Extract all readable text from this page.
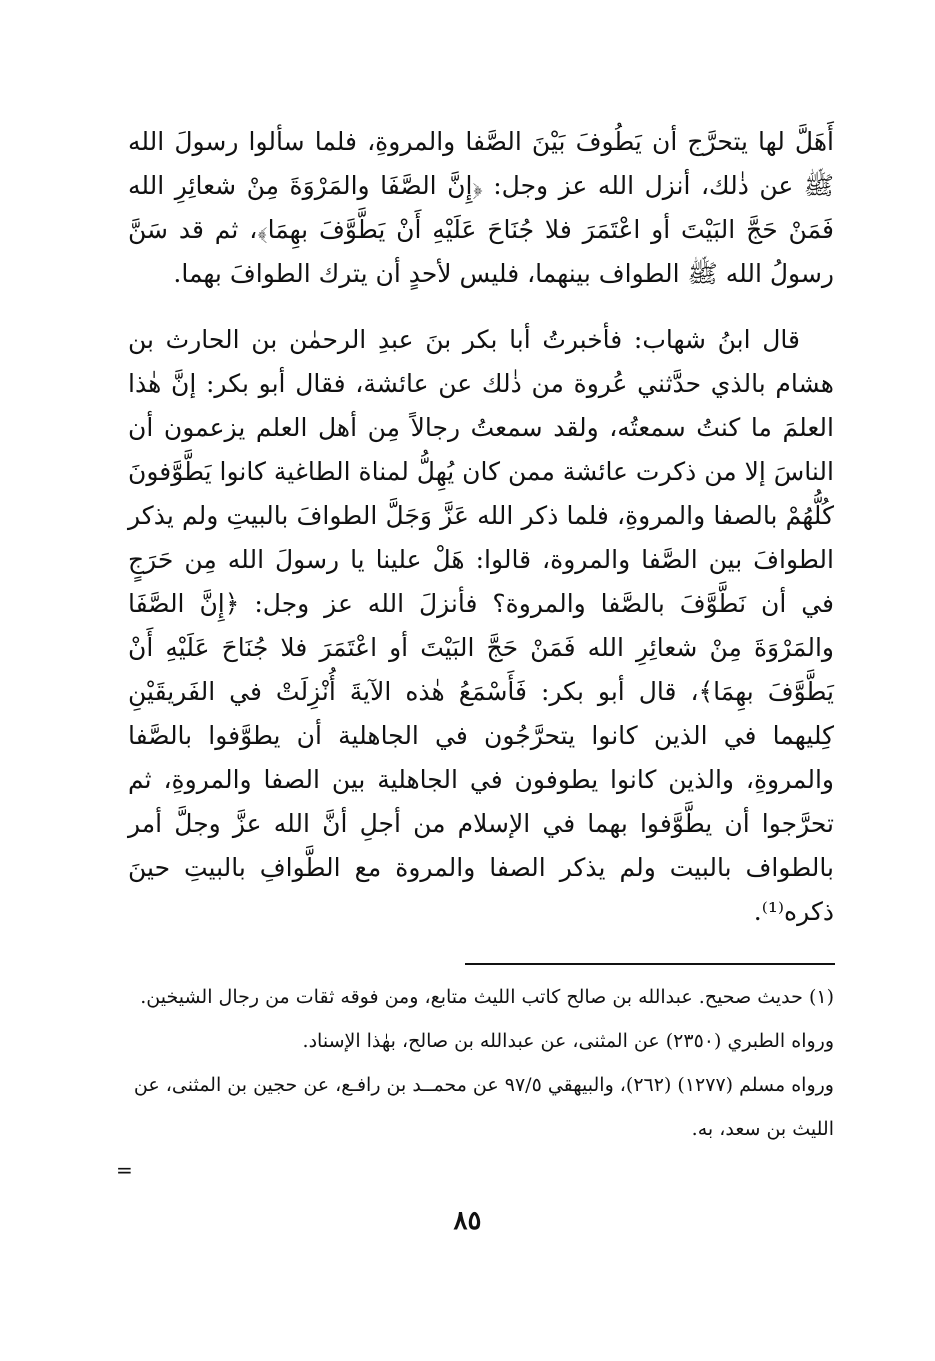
أَهَلَّ لها يتحرَّج أن يَطُوفَ بَيْنَ الصَّفا والمروةِ، فلما سألوا رسولَ الله ﷺ عن ذٰلك، أنزل الله عز وجل: ﴿إِنَّ الصَّفَا والمَرْوَةَ مِنْ شعائِرِ الله فَمَنْ حَجَّ البَيْتَ أو اعْتَمَرَ فلا جُنَاحَ عَلَيْهِ أَنْ يَطَّوَّفَ بهِمَا﴾، ثم قد سَنَّ رسولُ الله ﷺ الطواف بينهما، فليس لأحدٍ أن يترك الطوافَ بهما.

قال ابنُ شهاب: فأخبرتُ أبا بكر بنَ عبدِ الرحمٰن بن الحارث بن هشام بالذي حدَّثني عُروة من ذٰلك عن عائشة، فقال أبو بكر: إنَّ هٰذا العلمَ ما كنتُ سمعتُه، ولقد سمعتُ رجالاً مِن أهل العلم يزعمون أن الناسَ إلا من ذكرت عائشة ممن كان يُهِلُّ لمناة الطاغية كانوا يَطَّوَّفونَ كُلُّهُمْ بالصفا والمروةِ، فلما ذكر الله عَزَّ وَجَلَّ الطوافَ بالبيتِ ولم يذكر الطوافَ بين الصَّفا والمروة، قالوا: هَلْ علينا يا رسولَ الله مِن حَرَجٍ في أن نَطَّوَّفَ بالصَّفا والمروة؟ فأنزلَ الله عز وجل: ﴿إِنَّ الصَّفَا والمَرْوَةَ مِنْ شعائِرِ الله فَمَنْ حَجَّ البَيْتَ أو اعْتَمَرَ فلا جُنَاحَ عَلَيْهِ أَنْ يَطَّوَّفَ بهِمَا﴾، قال أبو بكر: فَأَسْمَعُ هٰذه الآيةَ أُنْزِلَتْ في الفَريقَيْنِ كِليهما في الذين كانوا يتحرَّجُون في الجاهلية أن يطوَّفوا بالصَّفا والمروةِ، والذين كانوا يطوفون في الجاهلية بين الصفا والمروةِ، ثم تحرَّجوا أن يطَّوَّفوا بهما في الإسلام من أجلِ أنَّ الله عزَّ وجلَّ أمر بالطواف بالبيت ولم يذكر الصفا والمروة مع الطَّوافِ بالبيتِ حينَ ذكره⁽¹⁾.

(١) حديث صحيح. عبدالله بن صالح كاتب الليث متابع، ومن فوقه ثقات من رجال الشيخين.

ورواه الطبري (٢٣٥٠) عن المثنى، عن عبدالله بن صالح، بهٰذا الإسناد.

ورواه مسلم (١٢٧٧) (٢٦٢)، والبيهقي ٩٧/٥ عن محمــد بن رافـع، عن حجين بن المثنى، عن الليث بن سعد، به.

=
٨٥
